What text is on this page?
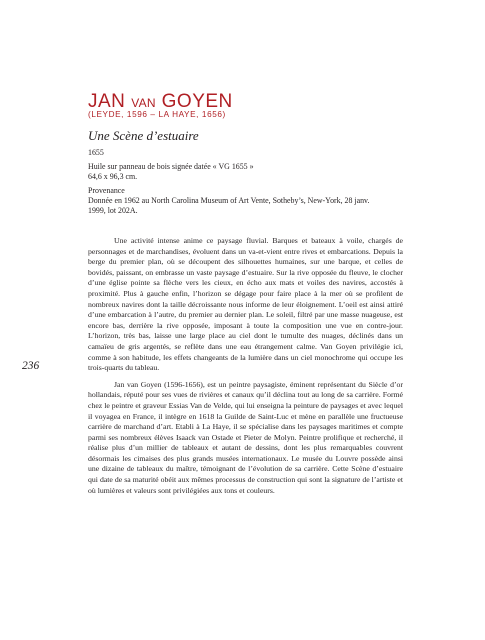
JAN VAN GOYEN
(LEYDE, 1596 – LA HAYE, 1656)
Une Scène d’estuaire
1655
Huile sur panneau de bois signée datée « VG 1655 »
64,6 x 96,3 cm.
Provenance
Donnée en 1962 au North Carolina Museum of Art Vente, Sotheby’s, New-York, 28 janv.
1999, lot 202A.

Une activité intense anime ce paysage fluvial. Barques et bateaux à voile, chargés de personnages et de marchandises, évoluent dans un va-et-vient entre rives et embarcations. Depuis la berge du premier plan, où se découpent des silhouettes humaines, sur une barque, et celles de bovidés, paissant, on embrasse un vaste paysage d’estuaire. Sur la rive opposée du fleuve, le clocher d’une église pointe sa flèche vers les cieux, en écho aux mats et voiles des navires, accostés à proximité. Plus à gauche enfin, l’horizon se dégage pour faire place à la mer où se profilent de nombreux navires dont la taille décroissante nous informe de leur éloignement. L’oeil est ainsi attiré d’une embarcation à l’autre, du premier au dernier plan. Le soleil, filtré par une masse nuageuse, est encore bas, derrière la rive opposée, imposant à toute la composition une vue en contre-jour. L’horizon, très bas, laisse une large place au ciel dont le tumulte des nuages, déclinés dans un camaïeu de gris argentés, se reflète dans une eau étrangement calme. Van Goyen privilégie ici, comme à son habitude, les effets changeants de la lumière dans un ciel monochrome qui occupe les trois-quarts du tableau.

Jan van Goyen (1596-1656), est un peintre paysagiste, éminent représentant du Siècle d’or hollandais, réputé pour ses vues de rivières et canaux qu’il déclina tout au long de sa carrière. Formé chez le peintre et graveur Essias Van de Velde, qui lui enseigna la peinture de paysages et avec lequel il voyagea en France, il intègre en 1618 la Guilde de Saint-Luc et mène en parallèle une fructueuse carrière de marchand d’art. Etabli à La Haye, il se spécialise dans les paysages maritimes et compte parmi ses nombreux élèves Isaack van Ostade et Pieter de Molyn. Peintre prolifique et recherché, il réalise plus d’un millier de tableaux et autant de dessins, dont les plus remarquables couvrent désormais les cimaises des plus grands musées internationaux. Le musée du Louvre possède ainsi une dizaine de tableaux du maître, témoignant de l’évolution de sa carrière. Cette Scène d’estuaire qui date de sa maturité obéit aux mêmes processus de construction qui sont la signature de l’artiste et où lumières et valeurs sont privilégiées aux tons et couleurs.

236
